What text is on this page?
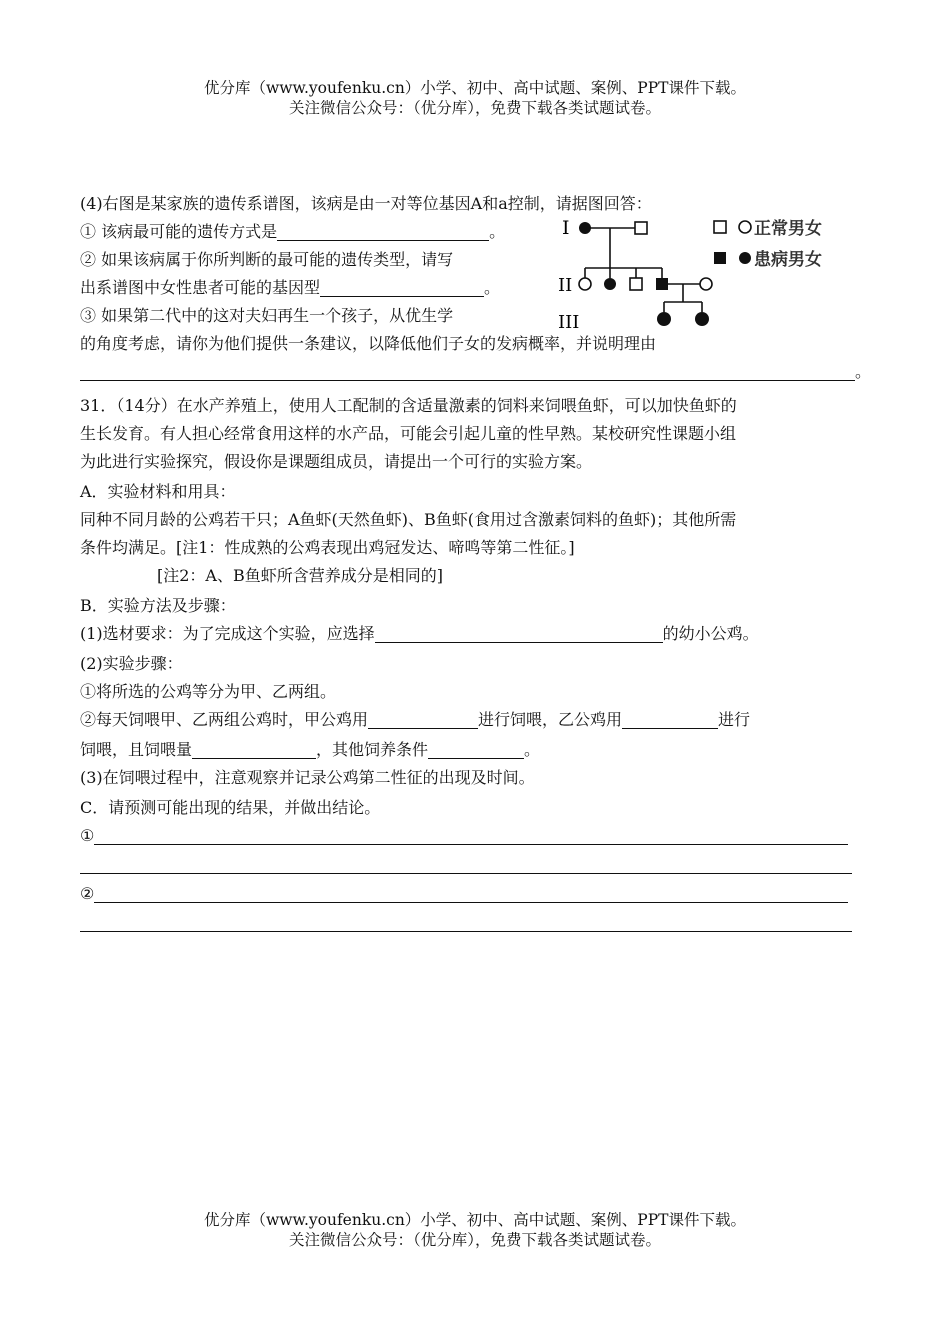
优分库（www.youfenku.cn）小学、初中、高中试题、案例、PPT课件下载。

关注微信公众号：（优分库），免费下载各类试题试卷。

(4)右图是某家族的遗传系谱图，该病是由一对等位基因A和a控制，请据图回答：
① 该病最可能的遗传方式是	。
② 如果该病属于你所判断的最可能的遗传类型，请写
出系谱图中女性患者可能的基因型	。
③ 如果第二代中的这对夫妇再生一个孩子，从优生学
的角度考虑，请你为他们提供一条建议，以降低他们子女的发病概率，并说明理由
。
I
II
III
正常男女
患病男女
31．（14分）在水产养殖上，使用人工配制的含适量激素的饲料来饲喂鱼虾，可以加快鱼虾的
生长发育。有人担心经常食用这样的水产品，可能会引起儿童的性早熟。某校研究性课题小组
为此进行实验探究，假设你是课题组成员，请提出一个可行的实验方案。
A．实验材料和用具：
同种不同月龄的公鸡若干只；A鱼虾(天然鱼虾)、B鱼虾(食用过含激素饲料的鱼虾)；其他所需
条件均满足。[注1：性成熟的公鸡表现出鸡冠发达、啼鸣等第二性征。]
[注2：A、B鱼虾所含营养成分是相同的]
B．实验方法及步骤：
(1)选材要求：为了完成这个实验，应选择	的幼小公鸡。
(2)实验步骤：
①将所选的公鸡等分为甲、乙两组。
②每天饲喂甲、乙两组公鸡时，甲公鸡用	进行饲喂，乙公鸡用	进行
饲喂，且饲喂量	，其他饲养条件	。
(3)在饲喂过程中，注意观察并记录公鸡第二性征的出现及时间。
C．请预测可能出现的结果，并做出结论。
①
②

优分库（www.youfenku.cn）小学、初中、高中试题、案例、PPT课件下载。

关注微信公众号：（优分库），免费下载各类试题试卷。
